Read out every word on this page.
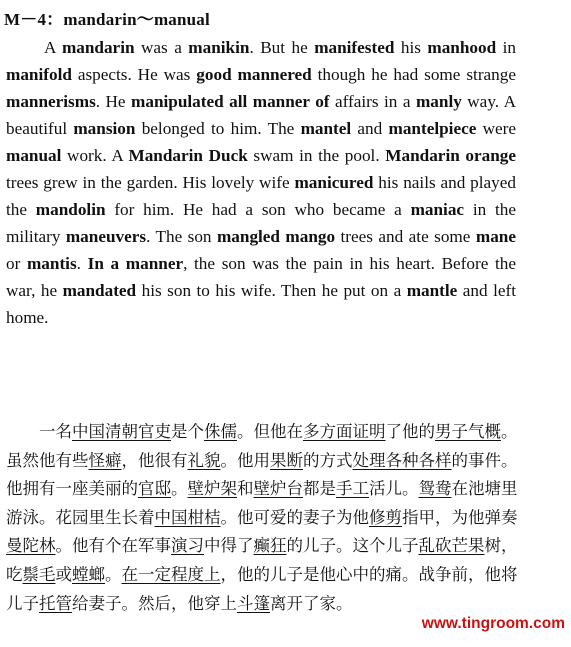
M－4：mandarin～manual

A mandarin was a manikin. But he manifested his manhood in manifold aspects. He was good mannered though he had some strange mannerisms. He manipulated all manner of affairs in a manly way. A beautiful mansion belonged to him. The mantel and mantelpiece were manual work. A Mandarin Duck swam in the pool. Mandarin orange trees grew in the garden. His lovely wife manicured his nails and played the mandolin for him. He had a son who became a maniac in the military maneuvers. The son mangled mango trees and ate some mane or mantis. In a manner, the son was the pain in his heart. Before the war, he mandated his son to his wife. Then he put on a mantle and left home.

一名中国清朝官吏是个侏儒。但他在多方面证明了他的男子气概。虽然他有些怪癖，他很有礼貌。他用果断的方式处理各种各样的事件。他拥有一座美丽的官邸。壁炉架和壁炉台都是手工活儿。鸳鸯在池塘里游泳。花园里生长着中国柑桔。他可爱的妻子为他修剪指甲，为他弹奏曼陀林。他有个在军事演习中得了癫狂的儿子。这个儿子乱砍芒果树，吃鬃毛或螳螂。在一定程度上，他的儿子是他心中的痛。战争前，他将儿子托管给妻子。然后，他穿上斗篷离开了家。

www.tingroom.com
